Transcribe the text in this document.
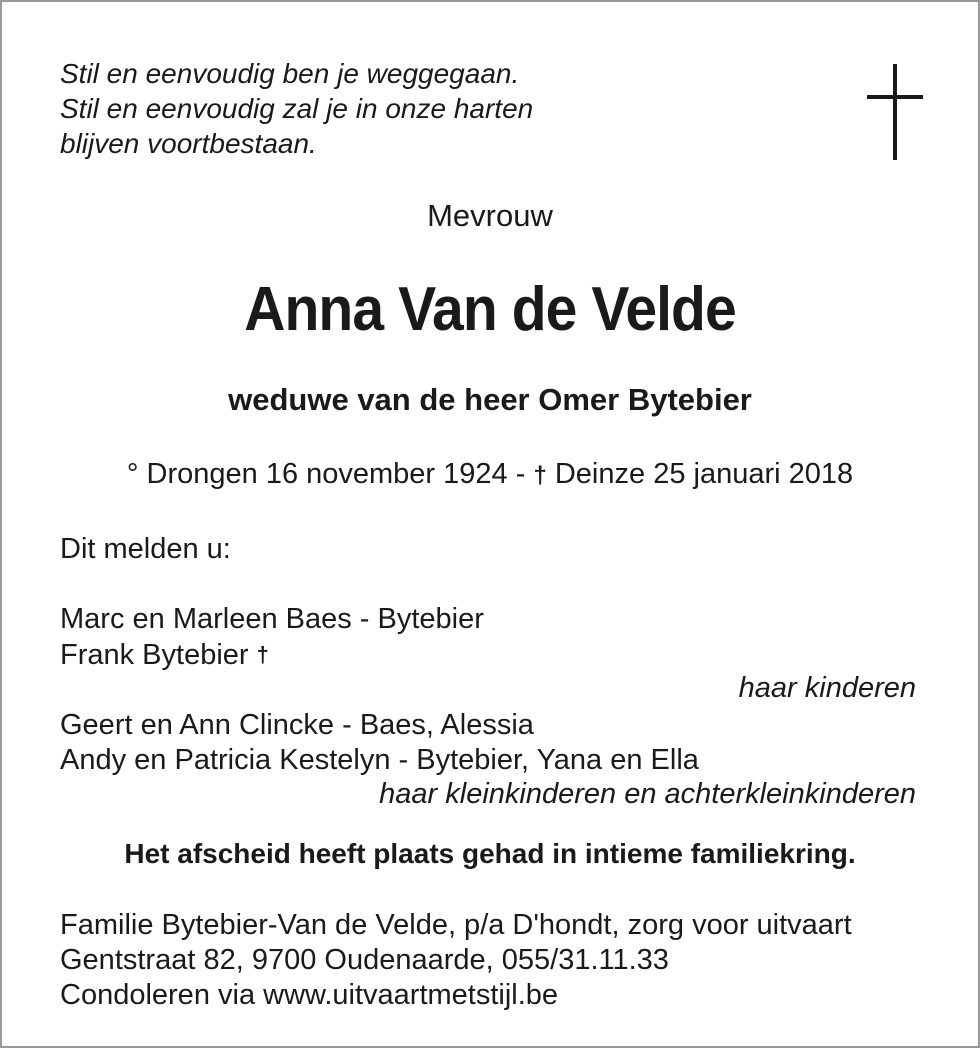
Stil en eenvoudig ben je weggegaan.
Stil en eenvoudig zal je in onze harten
blijven voortbestaan.
Mevrouw
Anna Van de Velde
weduwe van de heer Omer Bytebier
° Drongen 16 november 1924 - † Deinze 25 januari 2018
Dit melden u:
Marc en Marleen Baes - Bytebier
Frank Bytebier †
haar kinderen
Geert en Ann Clincke - Baes, Alessia
Andy en Patricia Kestelyn - Bytebier, Yana en Ella
haar kleinkinderen en achterkleinkinderen
Het afscheid heeft plaats gehad in intieme familiekring.
Familie Bytebier-Van de Velde, p/a D'hondt, zorg voor uitvaart
Gentstraat 82, 9700 Oudenaarde, 055/31.11.33
Condoleren via www.uitvaartmetstijl.be
